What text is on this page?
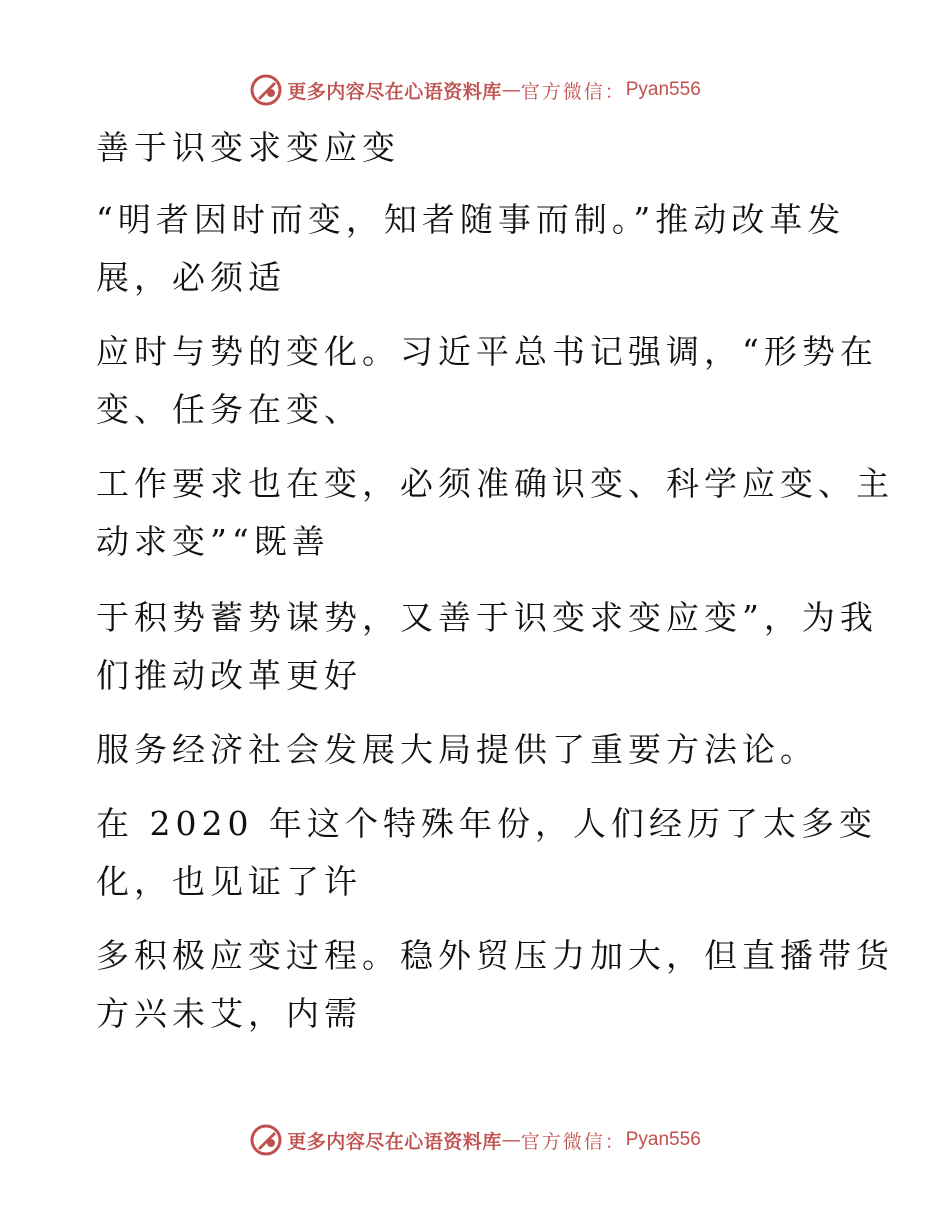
更多内容尽在心语资料库 — 官方微信： Pyan556
善于识变求变应变
“明者因时而变，知者随事而制。”推动改革发
展，必须适
应时与势的变化。习近平总书记强调，“形势在
变、任务在变、
工作要求也在变，必须准确识变、科学应变、主
动求变”“既善
于积势蓄势谋势，又善于识变求变应变”，为我
们推动改革更好
服务经济社会发展大局提供了重要方法论。
在 2020 年这个特殊年份，人们经历了太多变
化，也见证了许
多积极应变过程。稳外贸压力加大，但直播带货
方兴未艾，内需
更多内容尽在心语资料库 — 官方微信： Pyan556
